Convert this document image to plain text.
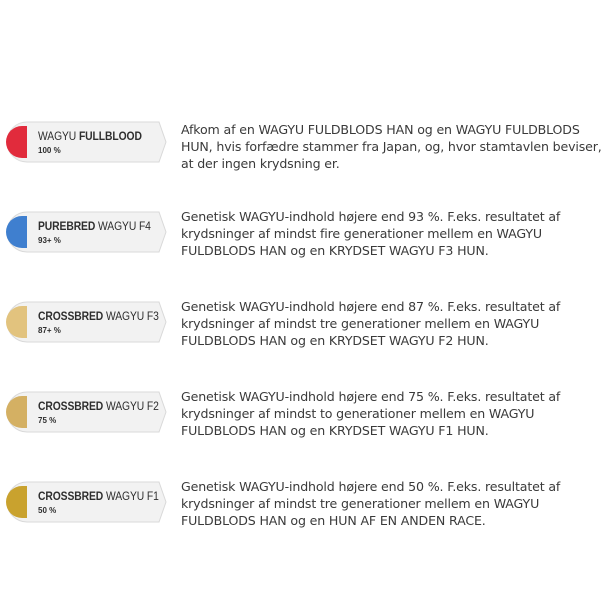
WAGYU FULLBLOOD
100 %
Afkom af en WAGYU FULDBLODS HAN og en WAGYU FULDBLODS HUN, hvis forfædre stammer fra Japan, og, hvor stamtavlen beviser, at der ingen krydsning er.
PUREBRED WAGYU F4
93+ %
Genetisk WAGYU-indhold højere end 93 %. F.eks. resultatet af krydsninger af mindst fire generationer mellem en WAGYU FULDBLODS HAN og en KRYDSET WAGYU F3 HUN.
CROSSBRED WAGYU F3
87+ %
Genetisk WAGYU-indhold højere end 87 %. F.eks. resultatet af krydsninger af mindst tre generationer mellem en WAGYU FULDBLODS HAN og en KRYDSET WAGYU F2 HUN.
CROSSBRED WAGYU F2
75 %
Genetisk WAGYU-indhold højere end 75 %. F.eks. resultatet af krydsninger af mindst to generationer mellem en WAGYU FULDBLODS HAN og en KRYDSET WAGYU F1 HUN.
CROSSBRED WAGYU F1
50 %
Genetisk WAGYU-indhold højere end 50 %. F.eks. resultatet af krydsninger af mindst tre generationer mellem en WAGYU FULDBLODS HAN og en HUN AF EN ANDEN RACE.
